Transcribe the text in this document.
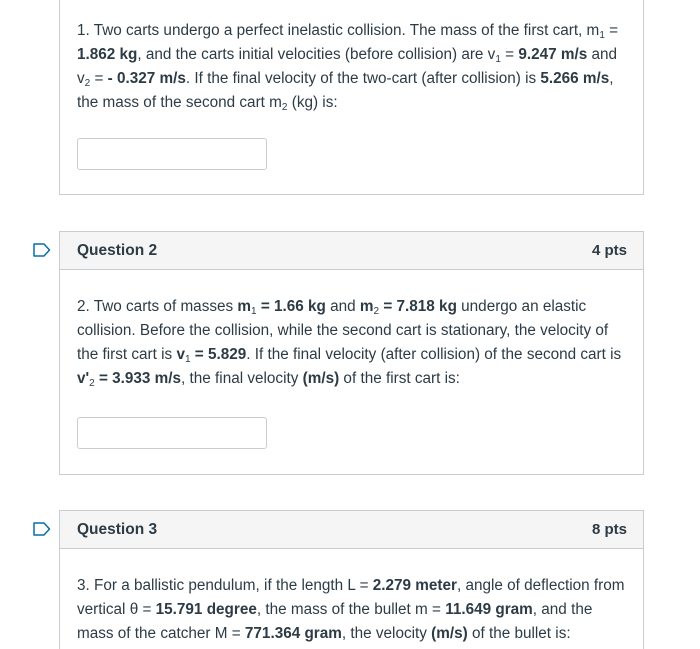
1. Two carts undergo a perfect inelastic collision. The mass of the first cart, $m_1 = 1.862$ kg, and the carts initial velocities (before collision) are $v_1 = 9.247$ m/s and $v_2$ = - 0.327 m/s. If the final velocity of the two-cart (after collision) is 5.266 m/s, the mass of the second cart $m_2$ (kg) is:
Question 2	4 pts
2. Two carts of masses $m_1 = 1.66$ kg and $m_2 = 7.818$ kg undergo an elastic collision. Before the collision, while the second cart is stationary, the velocity of the first cart is $v_1 = 5.829$. If the final velocity (after collision) of the second cart is $v'_2 = 3.933$ m/s, the final velocity (m/s) of the first cart is:
Question 3	8 pts
3. For a ballistic pendulum, if the length L = 2.279 meter, angle of deflection from vertical θ = 15.791 degree, the mass of the bullet m = 11.649 gram, and the mass of the catcher M = 771.364 gram, the velocity (m/s) of the bullet is:
